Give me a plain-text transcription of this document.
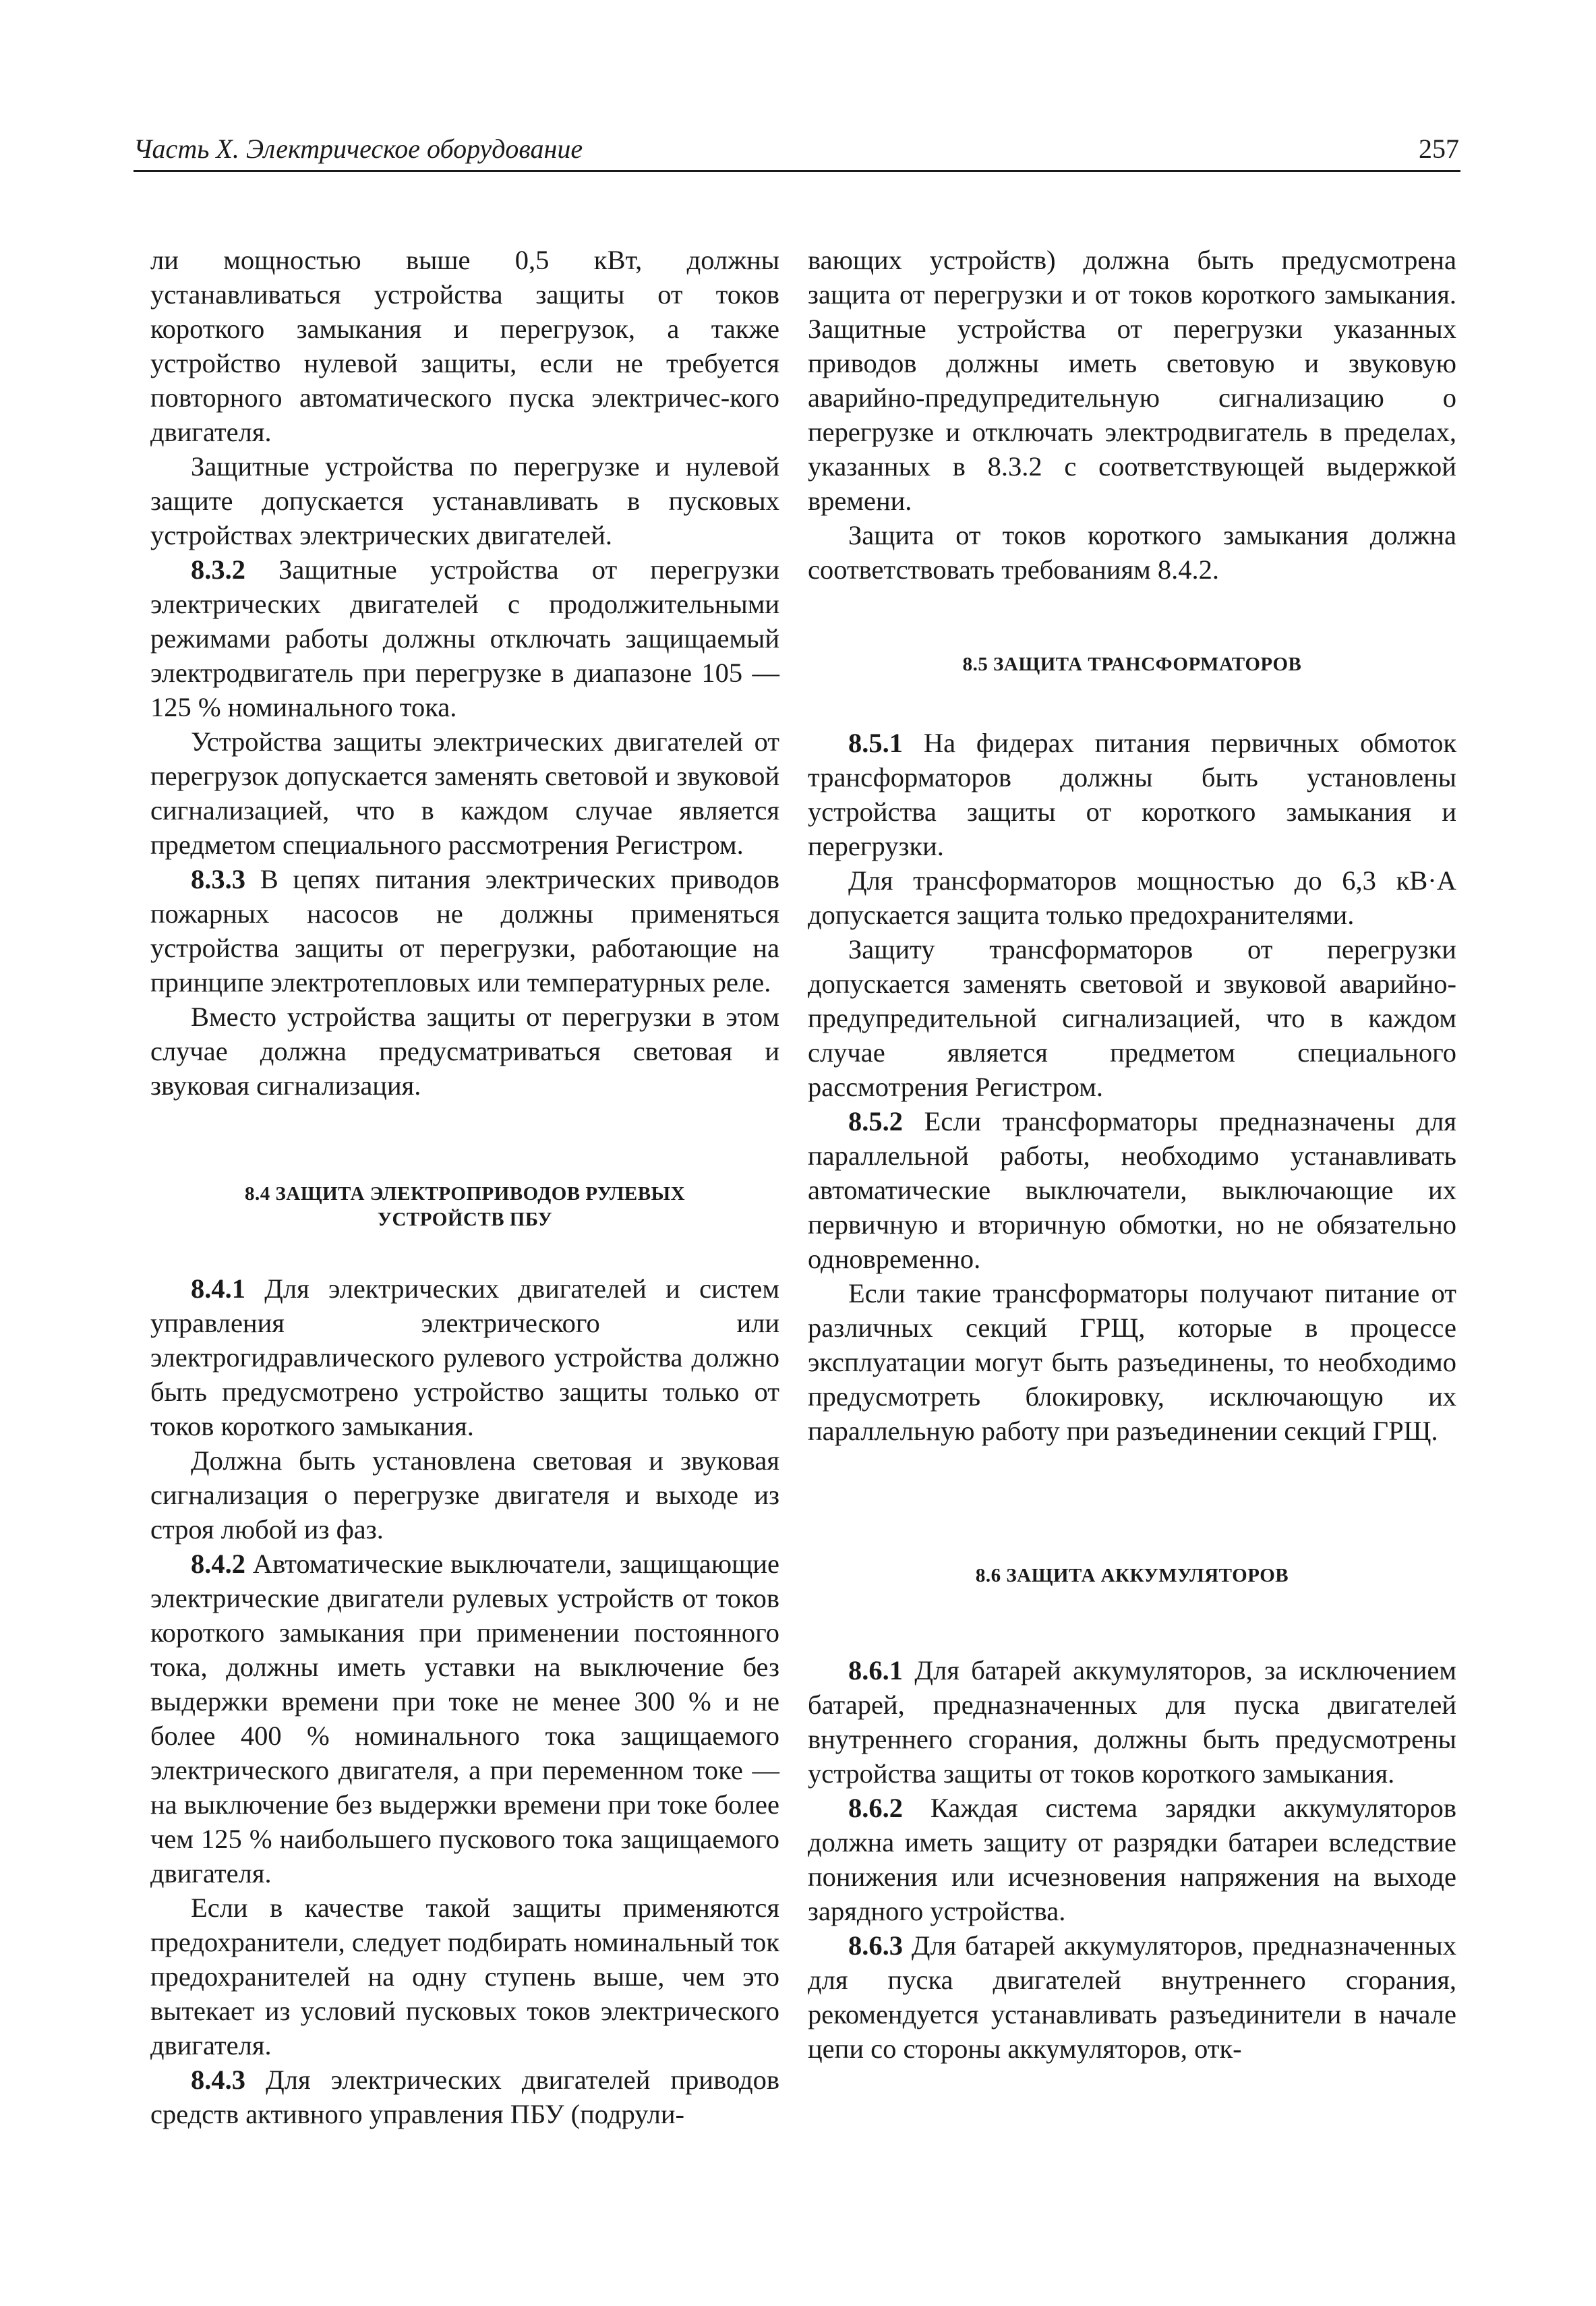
Часть X. Электрическое оборудование	257

ли мощностью выше 0,5 кВт, должны устанавливаться устройства защиты от токов короткого замыкания и перегрузок, а также устройство нулевой защиты, если не требуется повторного автоматического пуска электричес-кого двигателя.

Защитные устройства по перегрузке и нулевой защите допускается устанавливать в пусковых устройствах электрических двигателей.

8.3.2 Защитные устройства от перегрузки электрических двигателей с продолжительными режимами работы должны отключать защищаемый электродвигатель при перегрузке в диапазоне 105 — 125 % номинального тока.

Устройства защиты электрических двигателей от перегрузок допускается заменять световой и звуковой сигнализацией, что в каждом случае является предметом специального рассмотрения Регистром.

8.3.3 В цепях питания электрических приводов пожарных насосов не должны применяться устройства защиты от перегрузки, работающие на принципе электротепловых или температурных реле.

Вместо устройства защиты от перегрузки в этом случае должна предусматриваться световая и звуковая сигнализация.

8.4 ЗАЩИТА ЭЛЕКТРОПРИВОДОВ РУЛЕВЫХ
УСТРОЙСТВ ПБУ

8.4.1 Для электрических двигателей и систем управления электрического или электрогидравлического рулевого устройства должно быть предусмотрено устройство защиты только от токов короткого замыкания.

Должна быть установлена световая и звуковая сигнализация о перегрузке двигателя и выходе из строя любой из фаз.

8.4.2 Автоматические выключатели, защищающие электрические двигатели рулевых устройств от токов короткого замыкания при применении постоянного тока, должны иметь уставки на выключение без выдержки времени при токе не менее 300 % и не более 400 % номинального тока защищаемого электрического двигателя, а при переменном токе — на выключение без выдержки времени при токе более чем 125 % наибольшего пускового тока защищаемого двигателя.

Если в качестве такой защиты применяются предохранители, следует подбирать номинальный ток предохранителей на одну ступень выше, чем это вытекает из условий пусковых токов электрического двигателя.

8.4.3 Для электрических двигателей приводов средств активного управления ПБУ (подрули-

вающих устройств) должна быть предусмотрена защита от перегрузки и от токов короткого замыкания. Защитные устройства от перегрузки указанных приводов должны иметь световую и звуковую аварийно-предупредительную сигнализацию о перегрузке и отключать электродвигатель в пределах, указанных в 8.3.2 с соответствующей выдержкой времени.

Защита от токов короткого замыкания должна соответствовать требованиям 8.4.2.

8.5 ЗАЩИТА ТРАНСФОРМАТОРОВ

8.5.1 На фидерах питания первичных обмоток трансформаторов должны быть установлены устройства защиты от короткого замыкания и перегрузки.

Для трансформаторов мощностью до 6,3 кВ·А допускается защита только предохранителями.

Защиту трансформаторов от перегрузки допускается заменять световой и звуковой аварийно-предупредительной сигнализацией, что в каждом случае является предметом специального рассмотрения Регистром.

8.5.2 Если трансформаторы предназначены для параллельной работы, необходимо устанавливать автоматические выключатели, выключающие их первичную и вторичную обмотки, но не обязательно одновременно.

Если такие трансформаторы получают питание от различных секций ГРЩ, которые в процессе эксплуатации могут быть разъединены, то необходимо предусмотреть блокировку, исключающую их параллельную работу при разъединении секций ГРЩ.

8.6 ЗАЩИТА АККУМУЛЯТОРОВ

8.6.1 Для батарей аккумуляторов, за исключением батарей, предназначенных для пуска двигателей внутреннего сгорания, должны быть предусмотрены устройства защиты от токов короткого замыкания.

8.6.2 Каждая система зарядки аккумуляторов должна иметь защиту от разрядки батареи вследствие понижения или исчезновения напряжения на выходе зарядного устройства.

8.6.3 Для батарей аккумуляторов, предназначенных для пуска двигателей внутреннего сгорания, рекомендуется устанавливать разъединители в начале цепи со стороны аккумуляторов, отк-
